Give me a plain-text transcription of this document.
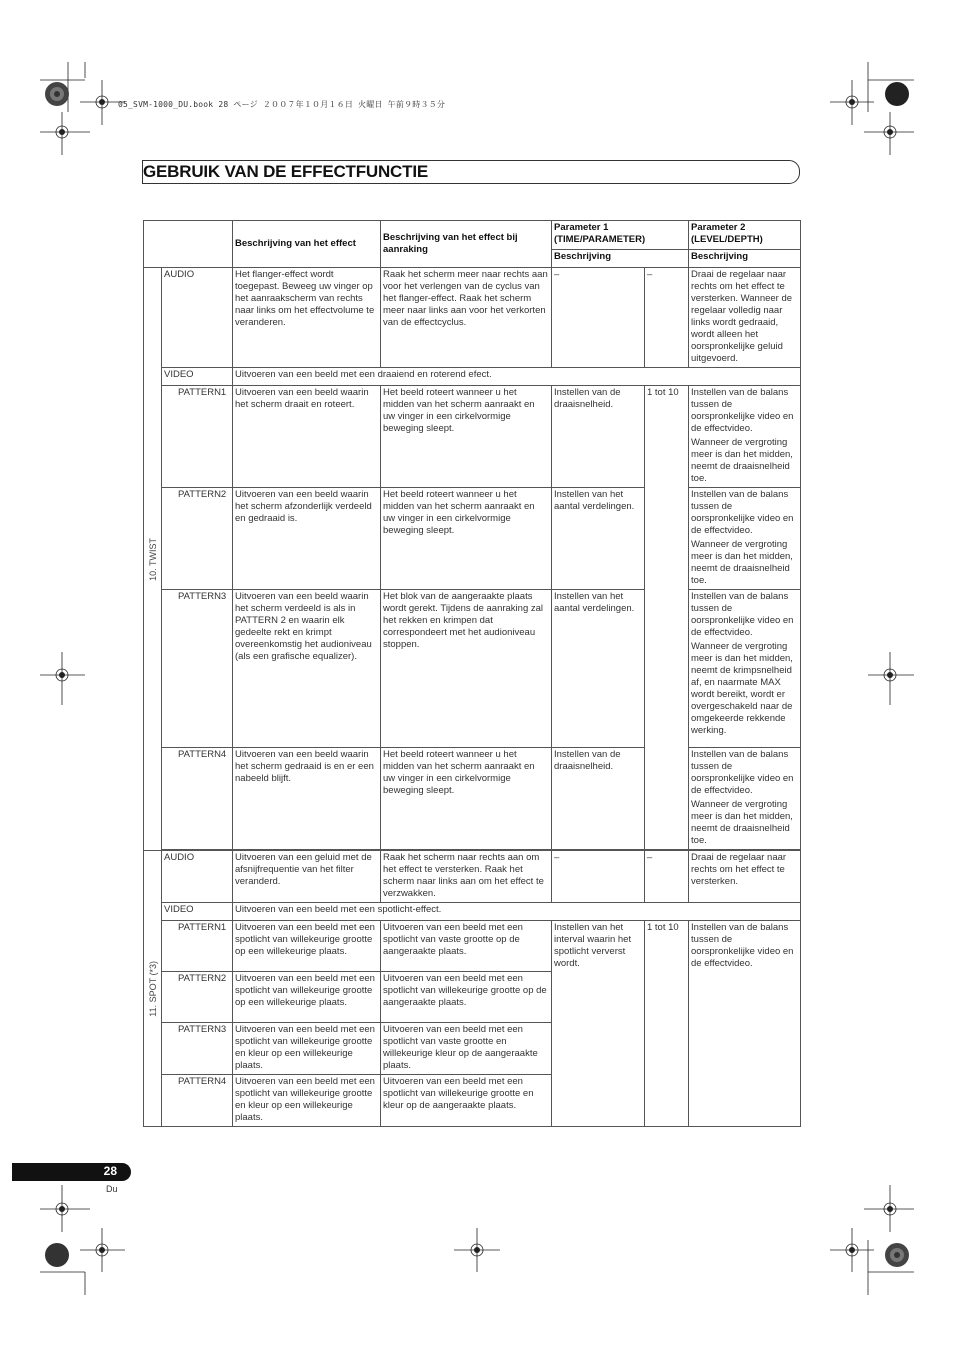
05_SVM-1000_DU.book 28 ページ ２００７年１０月１６日 火曜日 午前９時３５分
GEBRUIK VAN DE EFFECTFUNCTIE
		Beschrijving van het effect	Beschrijving van het effect bij aanraking	Parameter 1 (TIME/PARAMETER)		Parameter 2 (LEVEL/DEPTH)
				Beschrijving		Beschrijving

10. TWIST	AUDIO	Het flanger-effect wordt toegepast. Beweeg uw vinger op het aanraakscherm van rechts naar links om het effectvolume te veranderen.	Raak het scherm meer naar rechts aan voor het verlengen van de cyclus van het flanger-effect. Raak het scherm meer naar links aan voor het verkorten van de effectcyclus.	–	–	Draai de regelaar naar rechts om het effect te versterken. Wanneer de regelaar volledig naar links wordt gedraaid, wordt alleen het oorspronkelijke geluid uitgevoerd.
	VIDEO	Uitvoeren van een beeld met een draaiend en roterend efect.				
	PATTERN1	Uitvoeren van een beeld waarin het scherm draait en roteert.	Het beeld roteert wanneer u het midden van het scherm aanraakt en uw vinger in een cirkelvormige beweging sleept.	Instellen van de draaisnelheid.	1 tot 10	Instellen van de balans tussen de oorspronkelijke video en de effectvideo.
Wanneer de vergroting meer is dan het midden, neemt de draaisnelheid toe.

	PATTERN2	Uitvoeren van een beeld waarin het scherm afzonderlijk verdeeld en gedraaid is.	Het beeld roteert wanneer u het midden van het scherm aanraakt en uw vinger in een cirkelvormige beweging sleept.	Instellen van het aantal verdelingen.		Instellen van de balans tussen de oorspronkelijke video en de effectvideo.
Wanneer de vergroting meer is dan het midden, neemt de draaisnelheid toe.

	PATTERN3	Uitvoeren van een beeld waarin het scherm verdeeld is als in PATTERN 2 en waarin elk gedeelte rekt en krimpt overeenkomstig het audioniveau (als een grafische equalizer).	Het blok van de aangeraakte plaats wordt gerekt. Tijdens de aanraking zal het rekken en krimpen dat correspondeert met het audioniveau stoppen.	Instellen van het aantal verdelingen.		Instellen van de balans tussen de oorspronkelijke video en de effectvideo.
Wanneer de vergroting meer is dan het midden, neemt de krimpsnelheid af, en naarmate MAX wordt bereikt, wordt er overgeschakeld naar de omgekeerde rekkende werking.

	PATTERN4	Uitvoeren van een beeld waarin het scherm gedraaid is en er een nabeeld blijft.	Het beeld roteert wanneer u het midden van het scherm aanraakt en uw vinger in een cirkelvormige beweging sleept.	Instellen van de draaisnelheid.		Instellen van de balans tussen de oorspronkelijke video en de effectvideo.
Wanneer de vergroting meer is dan het midden, neemt de draaisnelheid toe.

11. SPOT (*3)	AUDIO	Uitvoeren van een geluid met de afsnijfrequentie van het filter veranderd.	Raak het scherm naar rechts aan om het effect te versterken. Raak het scherm naar links aan om het effect te verzwakken.	–	–	Draai de regelaar naar rechts om het effect te versterken.
	VIDEO	Uitvoeren van een beeld met een spotlicht-effect.				
	PATTERN1	Uitvoeren van een beeld met een spotlicht van willekeurige grootte op een willekeurige plaats.	Uitvoeren van een beeld met een spotlicht van vaste grootte op de aangeraakte plaats.	Instellen van het interval waarin het spotlicht ververst wordt.	1 tot 10	Instellen van de balans tussen de oorspronkelijke video en de effectvideo.
	PATTERN2	Uitvoeren van een beeld met een spotlicht van willekeurige grootte op een willekeurige plaats.	Uitvoeren van een beeld met een spotlicht van willekeurige grootte op de aangeraakte plaats.			
	PATTERN3	Uitvoeren van een beeld met een spotlicht van willekeurige grootte en kleur op een willekeurige plaats.	Uitvoeren van een beeld met een spotlicht van vaste grootte en willekeurige kleur op de aangeraakte plaats.			
	PATTERN4	Uitvoeren van een beeld met een spotlicht van willekeurige grootte en kleur op een willekeurige plaats.	Uitvoeren van een beeld met een spotlicht van willekeurige grootte en kleur op de aangeraakte plaats.			
28
Du
